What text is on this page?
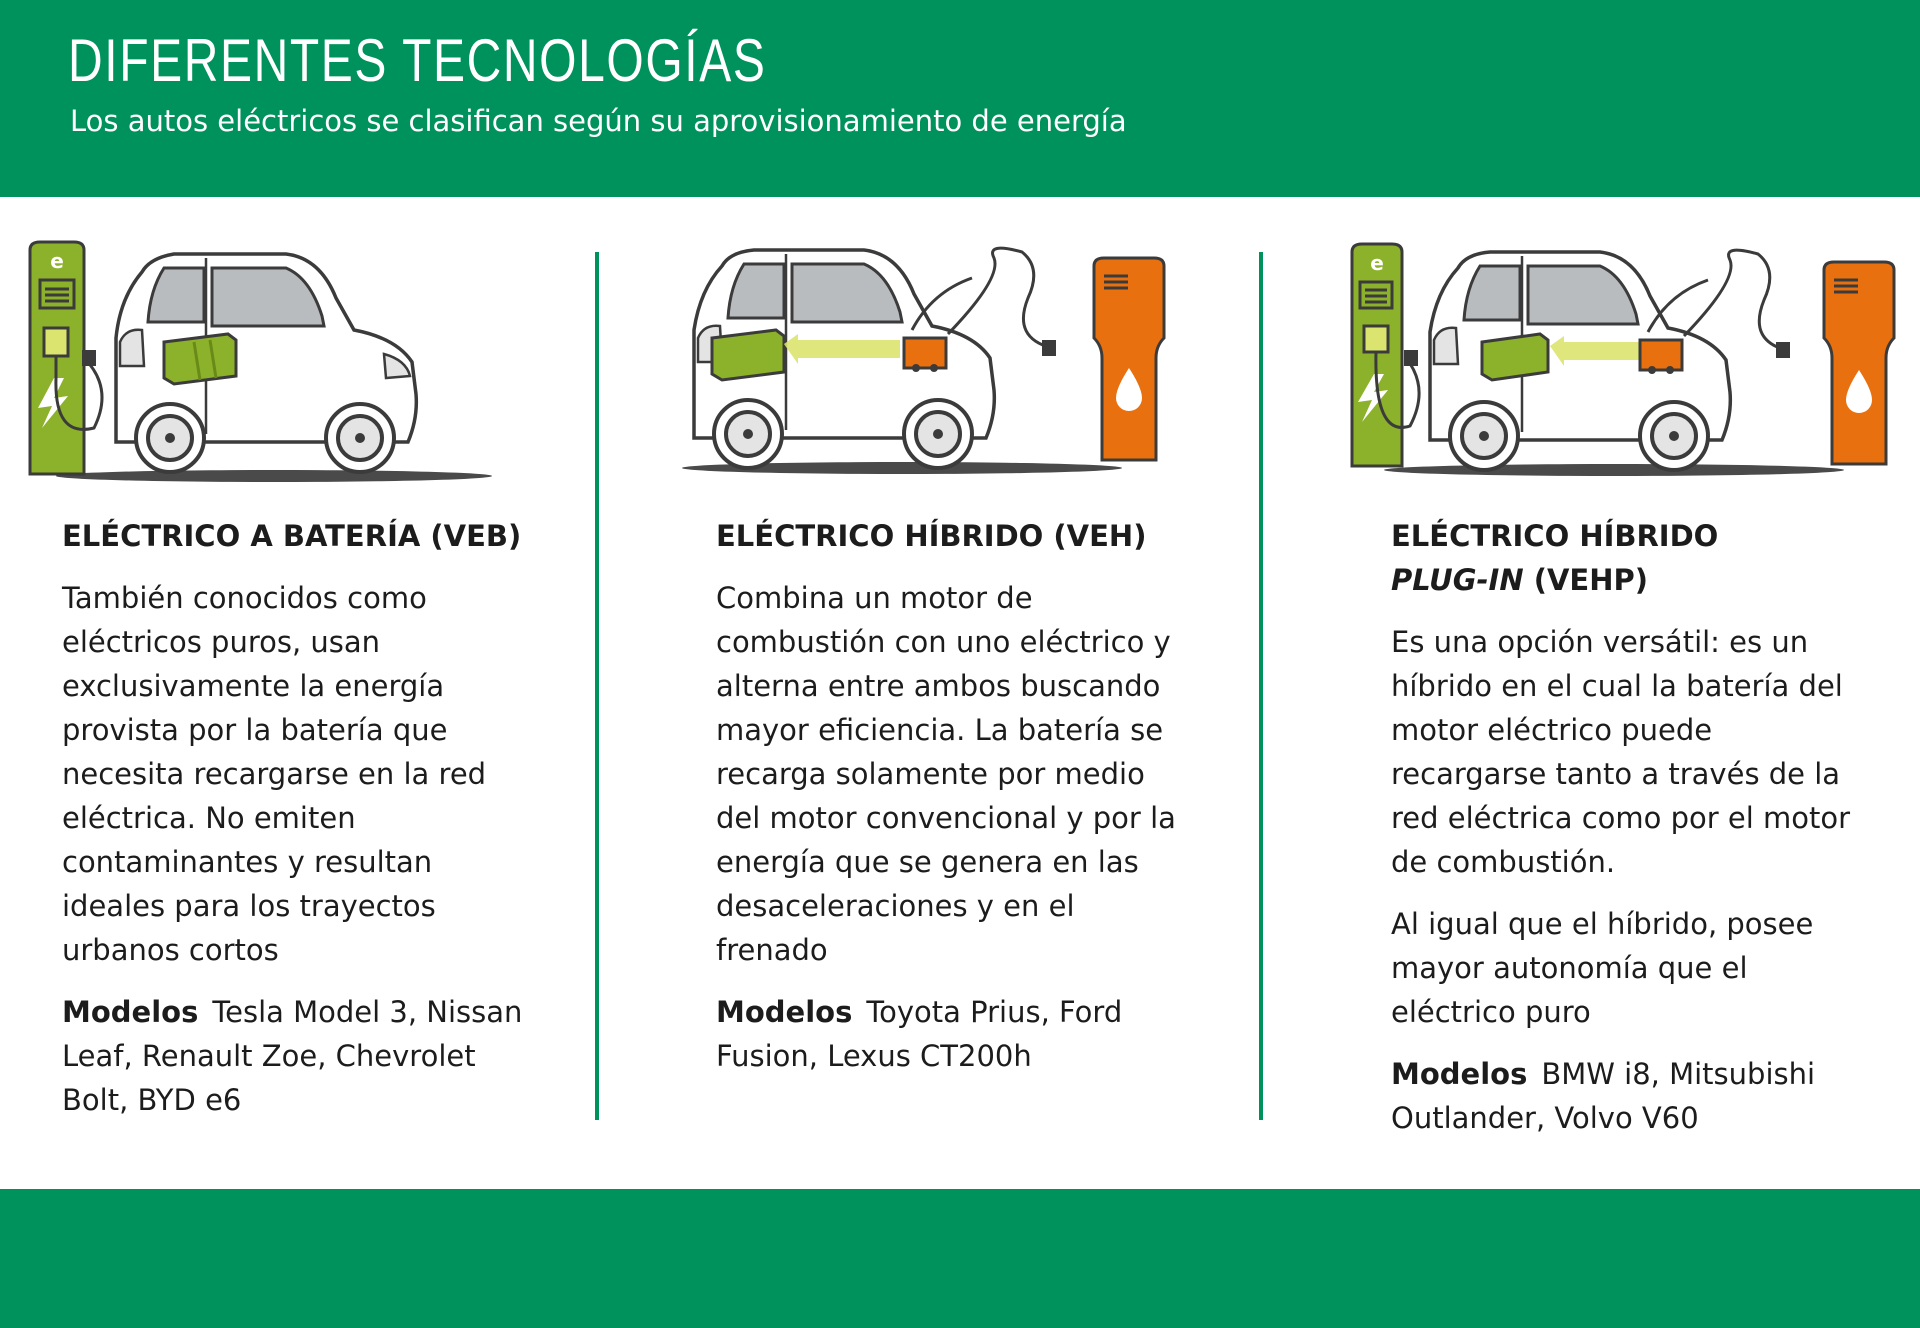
DIFERENTES TECNOLOGÍAS
Los autos eléctricos se clasifican según su aprovisionamiento de energía
e	e
ELÉCTRICO A BATERÍA (VEB)

También conocidos como eléctricos puros, usan exclusivamente la energía provista por la batería que necesita recargarse en la red eléctrica. No emiten contaminantes y resultan ideales para los trayectos urbanos cortos

Modelos Tesla Model 3, Nissan Leaf, Renault Zoe, Chevrolet Bolt, BYD e6

ELÉCTRICO HÍBRIDO (VEH)

Combina un motor de combustión con uno eléctrico y alterna entre ambos buscando mayor eficiencia. La batería se recarga solamente por medio del motor convencional y por la energía que se genera en las desaceleraciones y en el frenado

Modelos Toyota Prius, Ford Fusion, Lexus CT200h

ELÉCTRICO HÍBRIDO
PLUG-IN (VEHP)

Es una opción versátil: es un híbrido en el cual la batería del motor eléctrico puede recargarse tanto a través de la red eléctrica como por el motor de combustión.

Al igual que el híbrido, posee mayor autonomía que el eléctrico puro

Modelos BMW i8, Mitsubishi Outlander, Volvo V60
